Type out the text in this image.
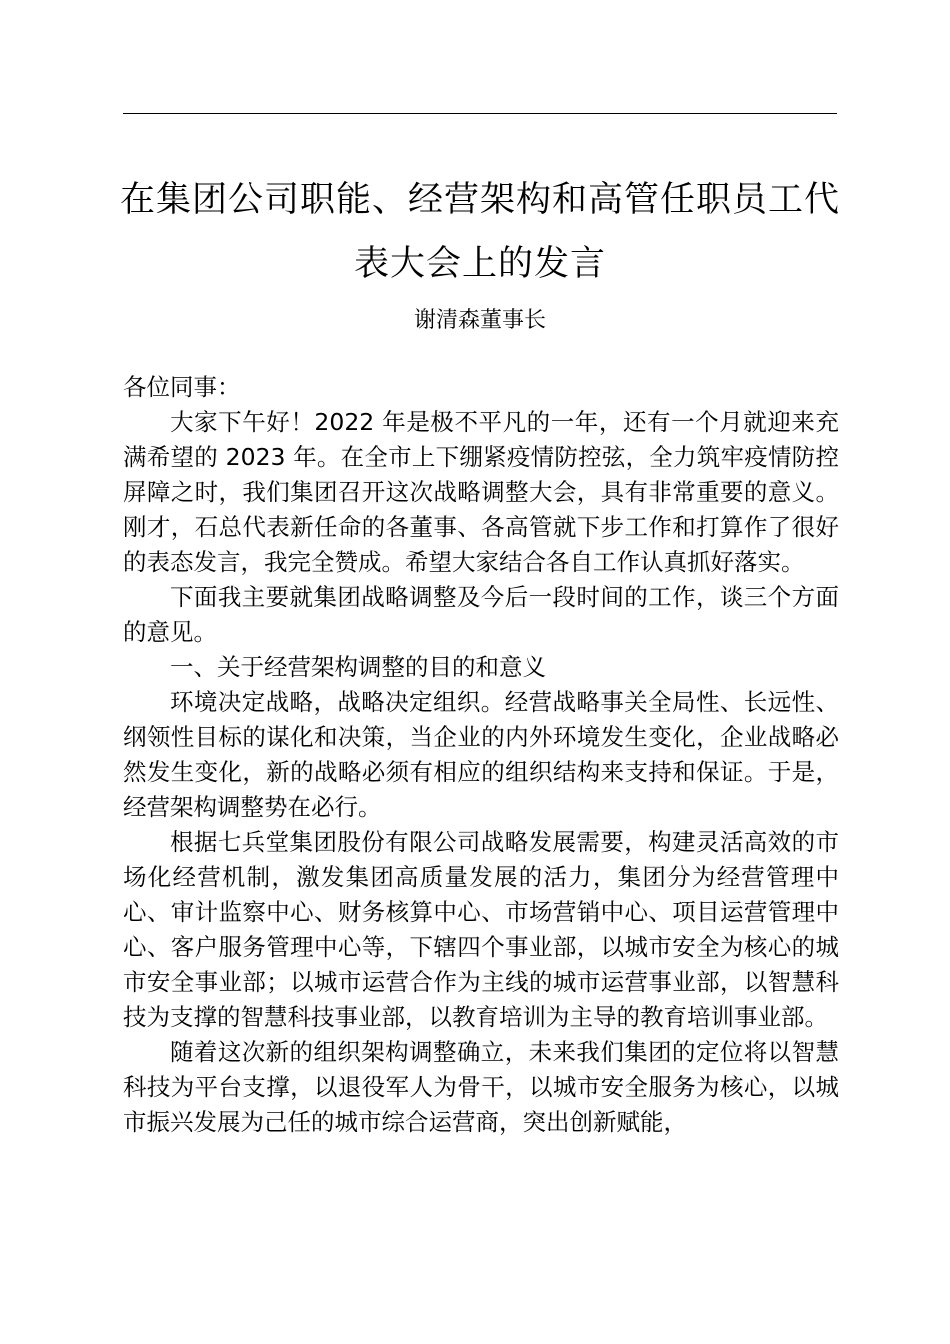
在集团公司职能、经营架构和高管任职员工代
表大会上的发言
谢清森董事长

各位同事：

大家下午好！2022 年是极不平凡的一年，还有一个月就迎来充满希望的 2023 年。在全市上下绷紧疫情防控弦，全力筑牢疫情防控屏障之时，我们集团召开这次战略调整大会，具有非常重要的意义。刚才，石总代表新任命的各董事、各高管就下步工作和打算作了很好的表态发言，我完全赞成。希望大家结合各自工作认真抓好落实。

下面我主要就集团战略调整及今后一段时间的工作，谈三个方面的意见。

一、关于经营架构调整的目的和意义

环境决定战略，战略决定组织。经营战略事关全局性、长远性、纲领性目标的谋化和决策，当企业的内外环境发生变化，企业战略必然发生变化，新的战略必须有相应的组织结构来支持和保证。于是，经营架构调整势在必行。

根据七兵堂集团股份有限公司战略发展需要，构建灵活高效的市场化经营机制，激发集团高质量发展的活力，集团分为经营管理中心、审计监察中心、财务核算中心、市场营销中心、项目运营管理中心、客户服务管理中心等，下辖四个事业部，以城市安全为核心的城市安全事业部；以城市运营合作为主线的城市运营事业部，以智慧科技为支撑的智慧科技事业部，以教育培训为主导的教育培训事业部。

随着这次新的组织架构调整确立，未来我们集团的定位将以智慧科技为平台支撑，以退役军人为骨干，以城市安全服务为核心，以城市振兴发展为己任的城市综合运营商，突出创新赋能，
